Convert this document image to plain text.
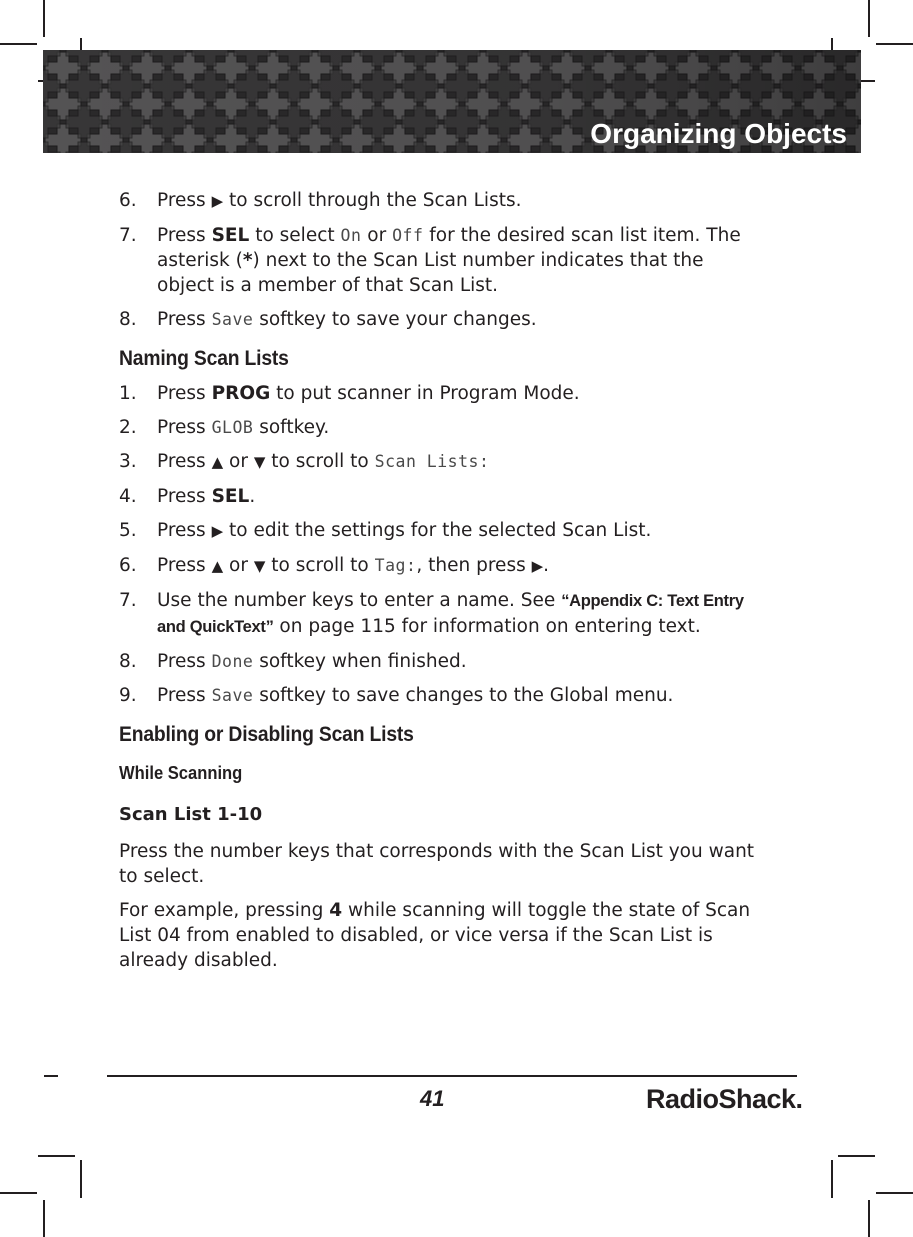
Organizing Objects
6. Press ▶ to scroll through the Scan Lists.
7. Press SEL to select On or Off for the desired scan list item. The asterisk (*) next to the Scan List number indicates that the object is a member of that Scan List.
8. Press Save softkey to save your changes.
Naming Scan Lists
1. Press PROG to put scanner in Program Mode.
2. Press GLOB softkey.
3. Press ▲ or ▼ to scroll to Scan Lists:
4. Press SEL.
5. Press ▶ to edit the settings for the selected Scan List.
6. Press ▲ or ▼ to scroll to Tag:, then press ▶.
7. Use the number keys to enter a name. See “Appendix C: Text Entry and QuickText” on page 115 for information on entering text.
8. Press Done softkey when finished.
9. Press Save softkey to save changes to the Global menu.
Enabling or Disabling Scan Lists
While Scanning
Scan List 1-10

Press the number keys that corresponds with the Scan List you want to select.

For example, pressing 4 while scanning will toggle the state of Scan List 04 from enabled to disabled, or vice versa if the Scan List is already disabled.

41	RadioShack.
